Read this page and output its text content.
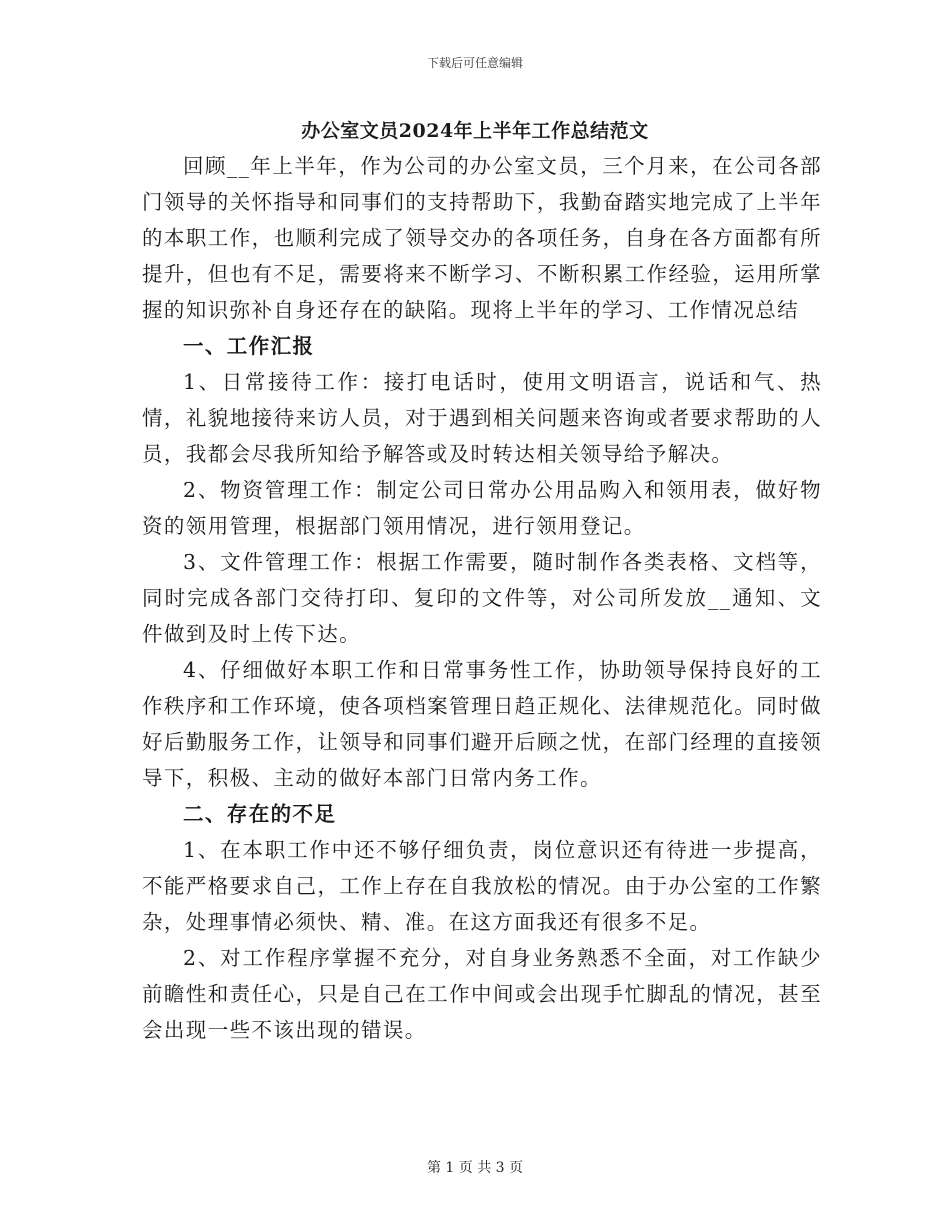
下载后可任意编辑
办公室文员2024年上半年工作总结范文

回顾__年上半年，作为公司的办公室文员，三个月来，在公司各部门领导的关怀指导和同事们的支持帮助下，我勤奋踏实地完成了上半年的本职工作，也顺利完成了领导交办的各项任务，自身在各方面都有所提升，但也有不足，需要将来不断学习、不断积累工作经验，运用所掌握的知识弥补自身还存在的缺陷。现将上半年的学习、工作情况总结

一、工作汇报

1、日常接待工作：接打电话时，使用文明语言，说话和气、热情，礼貌地接待来访人员，对于遇到相关问题来咨询或者要求帮助的人员，我都会尽我所知给予解答或及时转达相关领导给予解决。

2、物资管理工作：制定公司日常办公用品购入和领用表，做好物资的领用管理，根据部门领用情况，进行领用登记。

3、文件管理工作：根据工作需要，随时制作各类表格、文档等，同时完成各部门交待打印、复印的文件等，对公司所发放__通知、文件做到及时上传下达。

4、仔细做好本职工作和日常事务性工作，协助领导保持良好的工作秩序和工作环境，使各项档案管理日趋正规化、法律规范化。同时做好后勤服务工作，让领导和同事们避开后顾之忧，在部门经理的直接领导下，积极、主动的做好本部门日常内务工作。

二、存在的不足

1、在本职工作中还不够仔细负责，岗位意识还有待进一步提高，不能严格要求自己，工作上存在自我放松的情况。由于办公室的工作繁杂，处理事情必须快、精、准。在这方面我还有很多不足。

2、对工作程序掌握不充分，对自身业务熟悉不全面，对工作缺少前瞻性和责任心，只是自己在工作中间或会出现手忙脚乱的情况，甚至会出现一些不该出现的错误。

第 1 页 共 3 页
